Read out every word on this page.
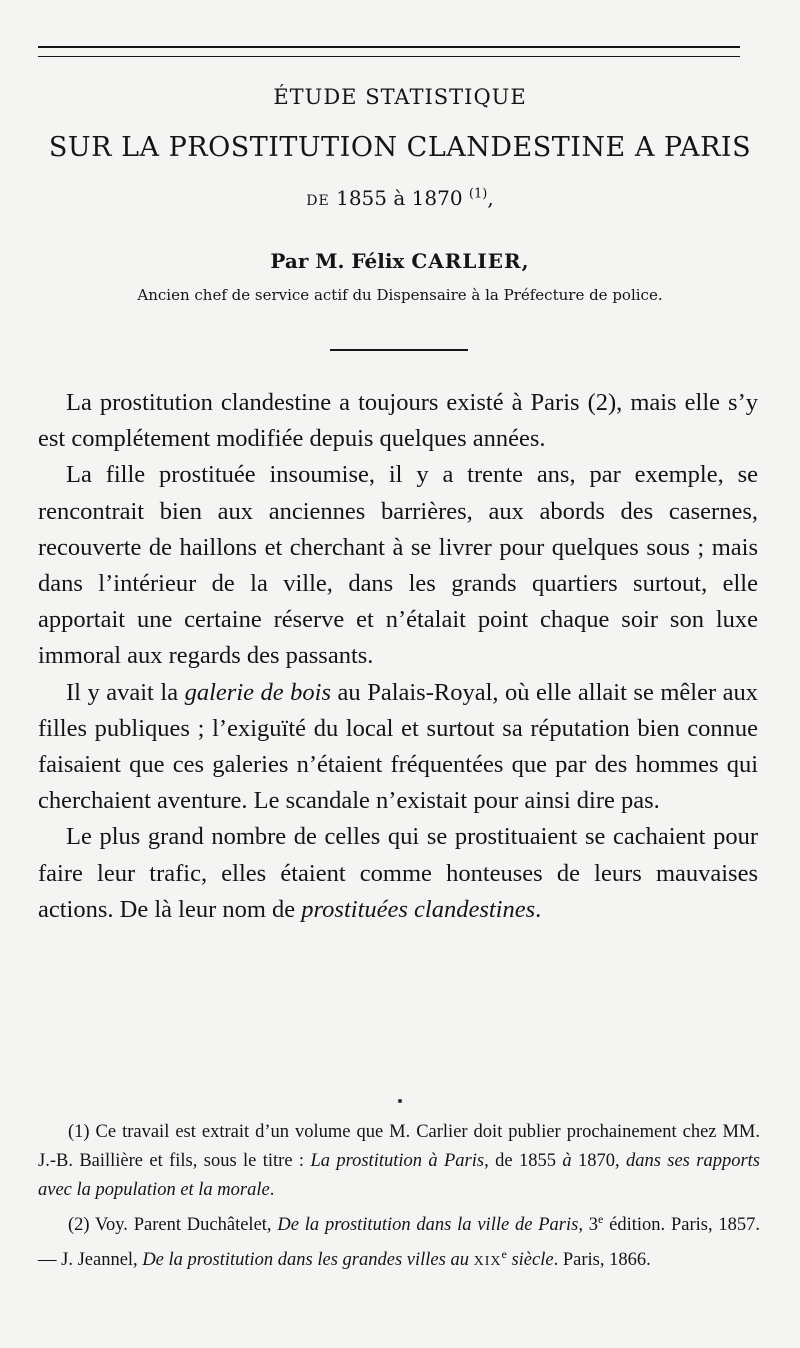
ÉTUDE STATISTIQUE
SUR LA PROSTITUTION CLANDESTINE A PARIS
DE 1855 à 1870 $^{(1)}$,
Par M. Félix CARLIER,
Ancien chef de service actif du Dispensaire à la Préfecture de police.

La prostitution clandestine a toujours existé à Paris (2), mais elle s’y est complétement modifiée depuis quelques années.

La fille prostituée insoumise, il y a trente ans, par exemple, se rencontrait bien aux anciennes barrières, aux abords des casernes, recouverte de haillons et cherchant à se livrer pour quelques sous ; mais dans l’intérieur de la ville, dans les grands quartiers surtout, elle apportait une certaine réserve et n’étalait point chaque soir son luxe immoral aux regards des passants.

Il y avait la galerie de bois au Palais-Royal, où elle allait se mêler aux filles publiques ; l’exiguïté du local et surtout sa réputation bien connue faisaient que ces galeries n’étaient fréquentées que par des hommes qui cherchaient aventure. Le scandale n’existait pour ainsi dire pas.

Le plus grand nombre de celles qui se prostituaient se cachaient pour faire leur trafic, elles étaient comme honteuses de leurs mauvaises actions. De là leur nom de prostituées clandestines.

(1) Ce travail est extrait d’un volume que M. Carlier doit publier prochainement chez MM. J.-B. Baillière et fils, sous le titre : La prostitution à Paris, de 1855 à 1870, dans ses rapports avec la population et la morale.

(2) Voy. Parent Duchâtelet, De la prostitution dans la ville de Paris, 3e édition. Paris, 1857. — J. Jeannel, De la prostitution dans les grandes villes au XIXe siècle. Paris, 1866.
